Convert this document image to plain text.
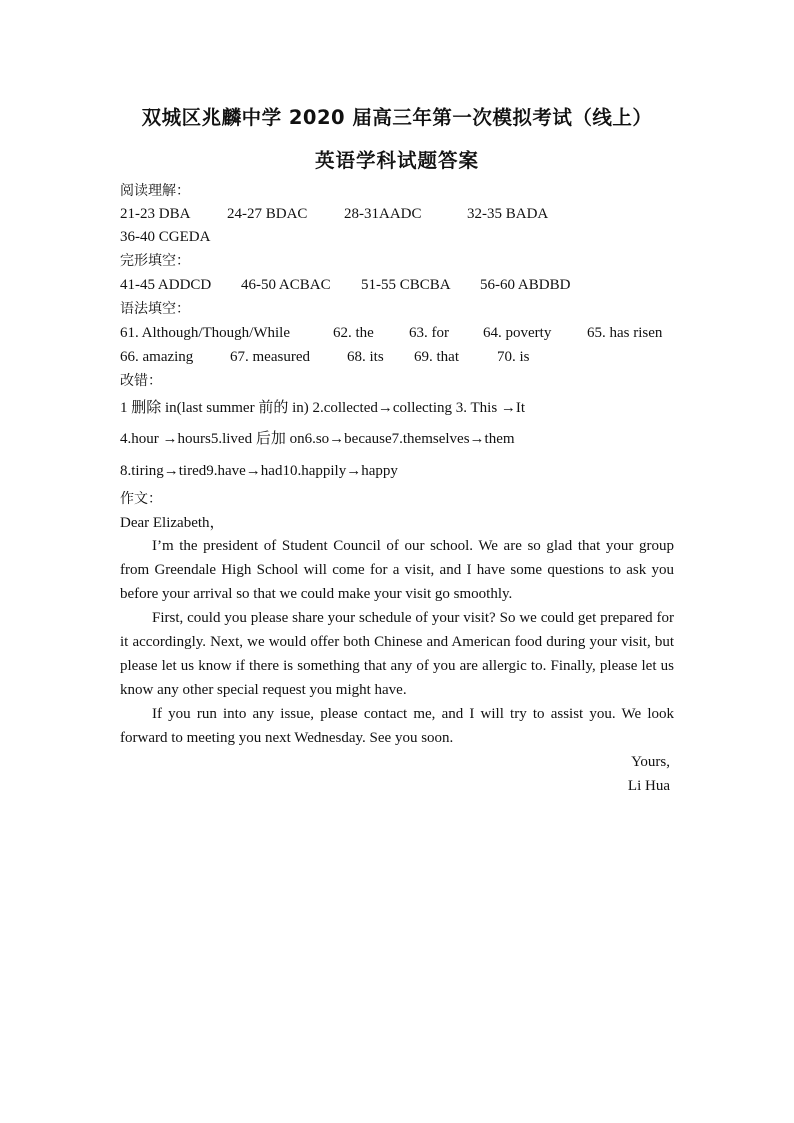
双城区兆麟中学 2020 届高三年第一次模拟考试（线上）
英语学科试题答案
阅读理解：
21-23 DBA 24-27 BDAC 28-31AADC	32-35 BADA
36-40 CGEDA
完形填空：
41-45 ADDCD 46-50 ACBAC 51-55 CBCBA 56-60 ABDBD
语法填空：
61. Although/Though/While	62. the 63. for 64. poverty 65. has risen
66. amazing 67. measured 68. its 69. that	70. is
改错：
1 删除 in(last summer 前的 in) 2.collected→collecting 3. This →It
4.hour →hours5.lived 后加 on6.so→because7.themselves→them
8.tiring→tired9.have→had10.happily→happy
作文：
Dear Elizabeth，
I’m the president of Student Council of our school. We are so glad that your group from Greendale High School will come for a visit, and I have some questions to ask you before your arrival so that we could make your visit go smoothly.
First, could you please share your schedule of your visit? So we could get prepared for it accordingly. Next, we would offer both Chinese and American food during your visit, but please let us know if there is something that any of you are allergic to. Finally, please let us know any other special request you might have.
If you run into any issue, please contact me, and I will try to assist you. We look forward to meeting you next Wednesday. See you soon.
Yours,
Li Hua
